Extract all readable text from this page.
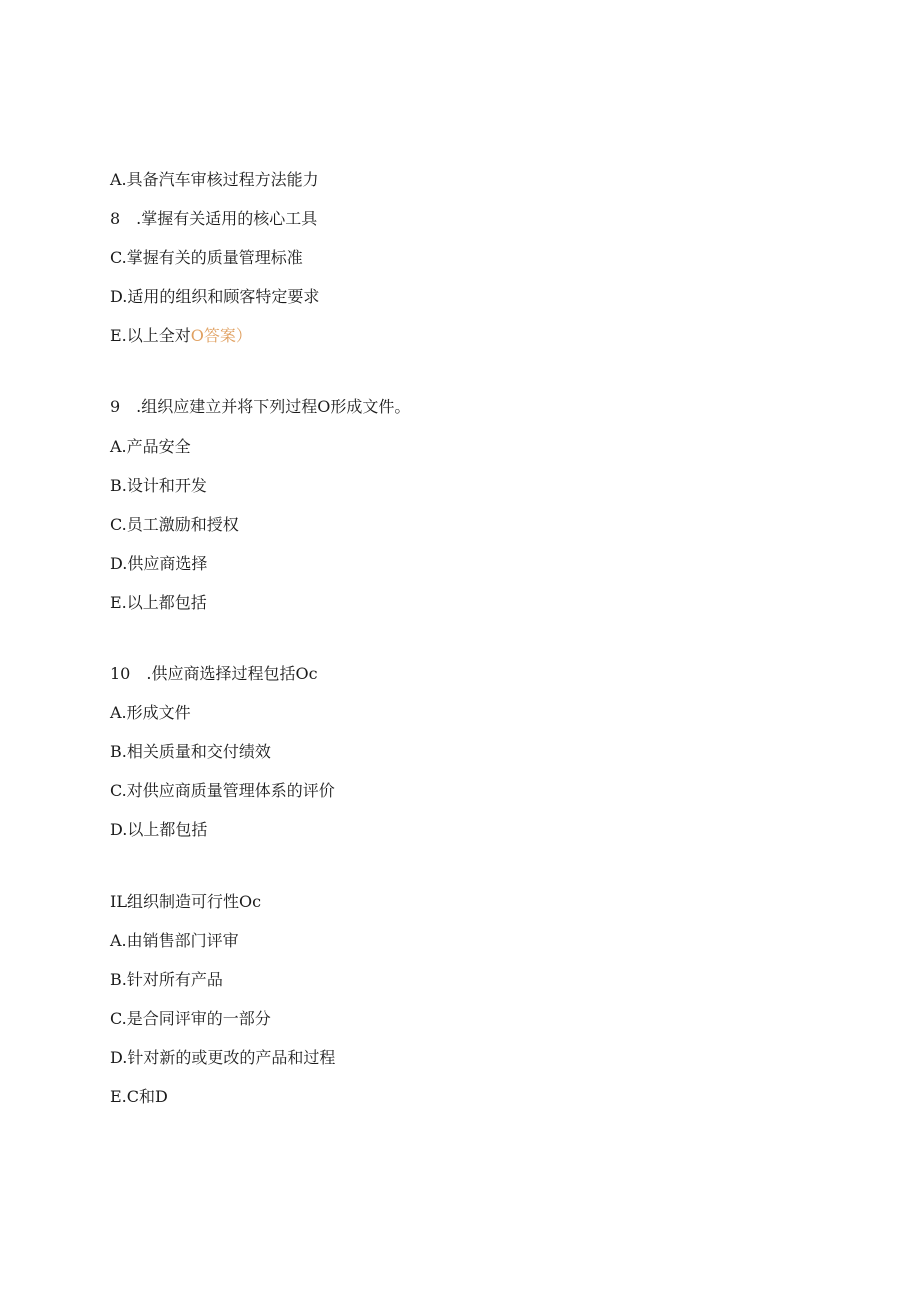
A.具备汽车审核过程方法能力
8　.掌握有关适用的核心工具
C.掌握有关的质量管理标准
D.适用的组织和顾客特定要求
E.以上全对O答案）
9　.组织应建立并将下列过程O形成文件。
A.产品安全
B.设计和开发
C.员工激励和授权
D.供应商选择
E.以上都包括
10　.供应商选择过程包括Oc
A.形成文件
B.相关质量和交付绩效
C.对供应商质量管理体系的评价
D.以上都包括
IL组织制造可行性Oc
A.由销售部门评审
B.针对所有产品
C.是合同评审的一部分
D.针对新的或更改的产品和过程
E.C和D
